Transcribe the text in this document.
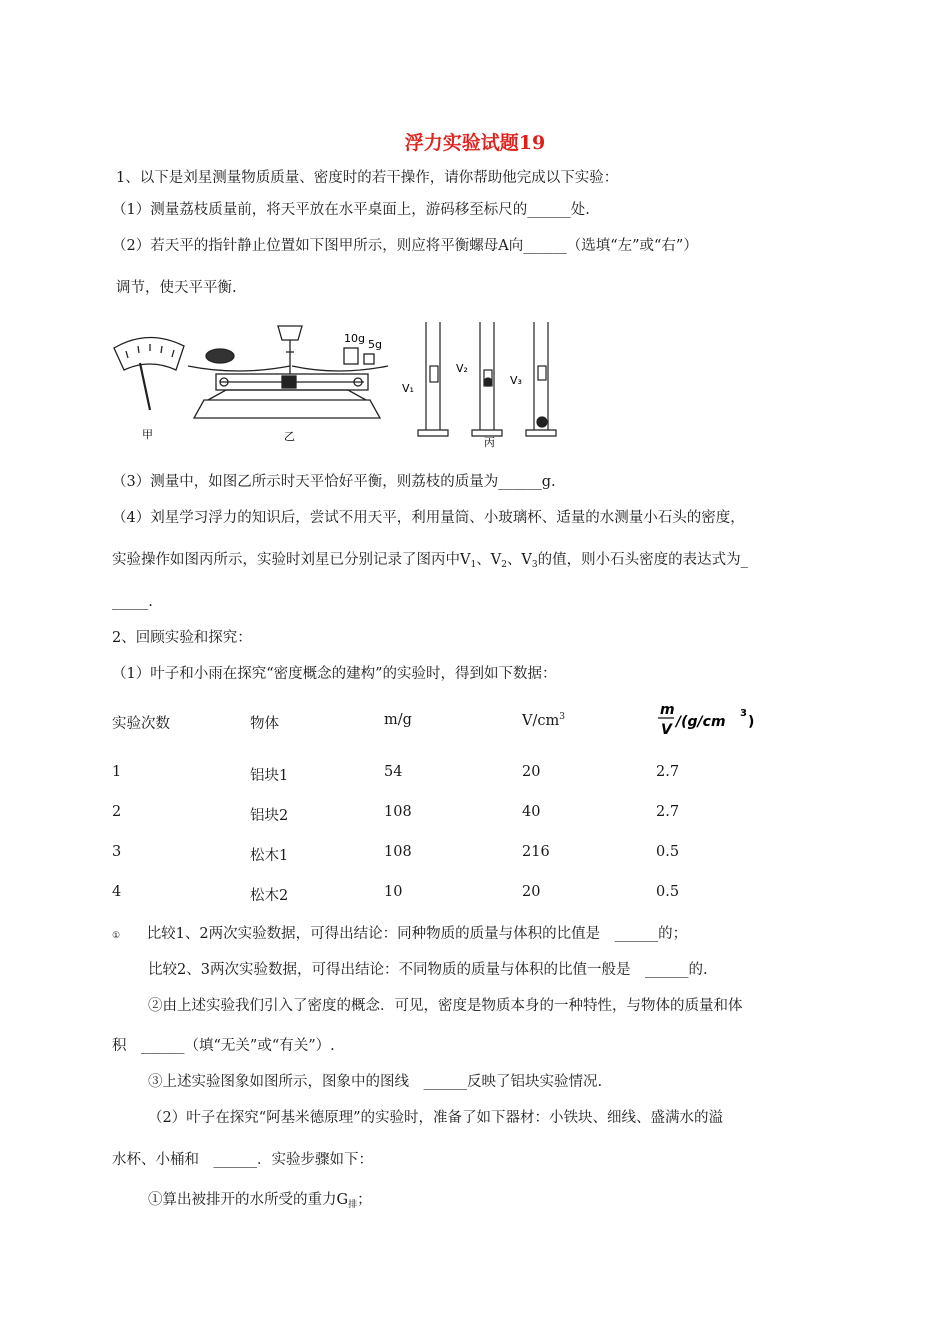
浮力实验试题19
1、以下是刘星测量物质质量、密度时的若干操作，请你帮助他完成以下实验：
（1）测量荔枝质量前，将天平放在水平桌面上，游码移至标尺的______处.
（2）若天平的指针静止位置如下图甲所示，则应将平衡螺母A向______（选填“左”或“右”）
调节，使天平平衡.
甲
10g 5g
乙
V₁
V₂
V₃
丙
（3）测量中，如图乙所示时天平恰好平衡，则荔枝的质量为______g.
（4）刘星学习浮力的知识后，尝试不用天平，利用量筒、小玻璃杯、适量的水测量小石头的密度，
实验操作如图丙所示，实验时刘星已分别记录了图丙中$V_1$、$V_2$、$V_3$的值，则小石头密度的表达式为_
_____.
2、回顾实验和探究：
（1）叶子和小雨在探究“密度概念的建构”的实验时，得到如下数据：
实验次数	物体	m/g	$V/cm^3$	m
V /(g/cm
3
)
1	铝块1	54	20	2.7
2	铝块2	108	40	2.7
3	松木1	108	216	0.5
4	松木2	10	20	0.5
① 比较1、2两次实验数据，可得出结论：同种物质的质量与体积的比值是　______的；
比较2、3两次实验数据，可得出结论：不同物质的质量与体积的比值一般是　______的.
②由上述实验我们引入了密度的概念．可见，密度是物质本身的一种特性，与物体的质量和体
积　______（填“无关”或“有关”）.
③上述实验图象如图所示，图象中的图线　______反映了铝块实验情况.
（2）叶子在探究“阿基米德原理”的实验时，准备了如下器材：小铁块、细线、盛满水的溢
水杯、小桶和　______．实验步骤如下：
①算出被排开的水所受的重力$G_排$；
